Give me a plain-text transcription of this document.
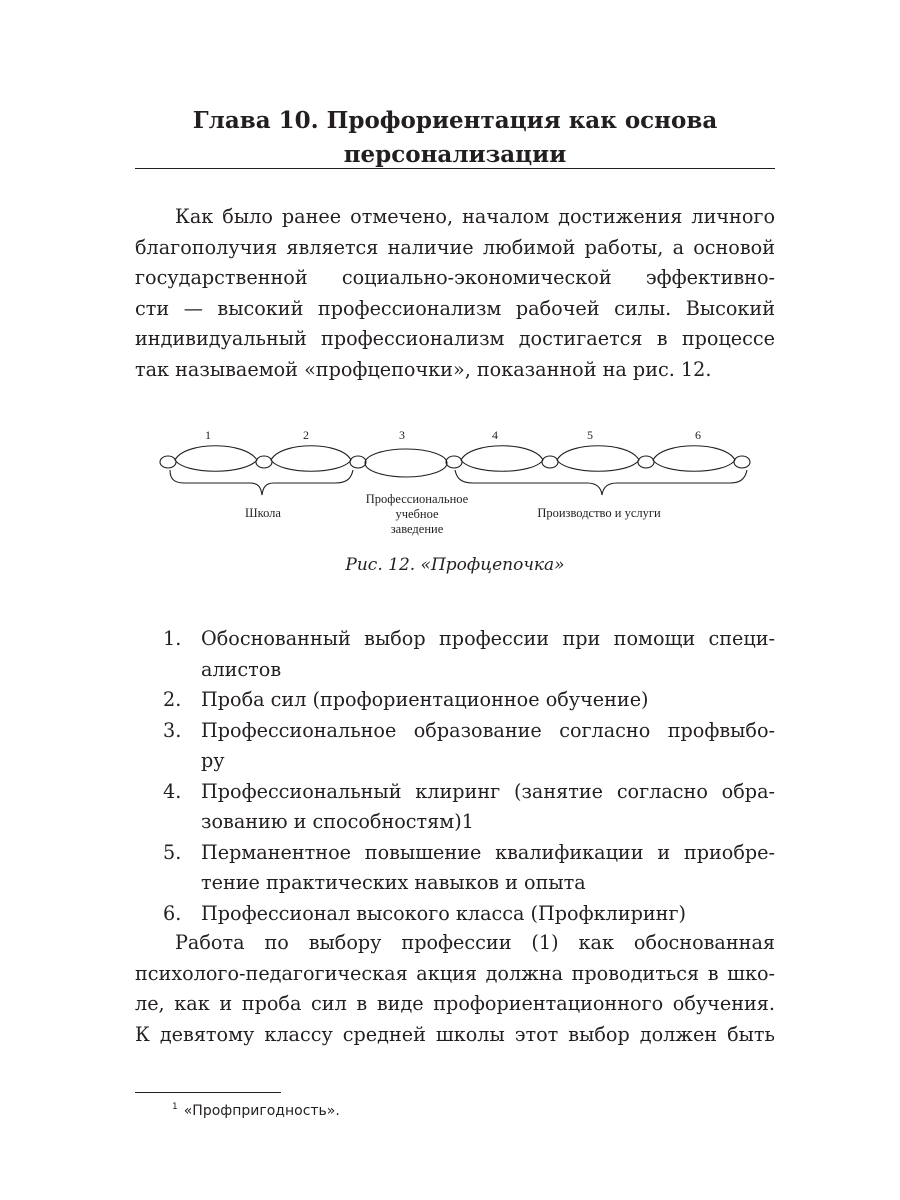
Глава 10. Профориентация как основа
персонализации

Как было ранее отмечено, началом достижения личного
благополучия является наличие любимой работы, а основой
государственной социально-экономической эффективно-
сти — высокий профессионализм рабочей силы. Высокий
индивидуальный профессионализм достигается в процессе
так называемой «профцепочки», показанной на рис. 12.

1	2	3	4	5	6
Школа
Профессиональное
учебное
заведение
Производство и услуги
Рис. 12. «Профцепочка»
1. Обоснованный выбор профессии при помощи специ-
алистов
2. Проба сил (профориентационное обучение)
3. Профессиональное образование согласно профвыбо-
ру
4. Профессиональный клиринг (занятие согласно обра-
зованию и способностям)1
5. Перманентное повышение квалификации и приобре-
тение практических навыков и опыта
6. Профессионал высокого класса (Профклиринг)

Работа по выбору профессии (1) как обоснованная
психолого-педагогическая акция должна проводиться в шко-
ле, как и проба сил в виде профориентационного обучения.
К девятому классу средней школы этот выбор должен быть

$^1$ «Профпригодность».
